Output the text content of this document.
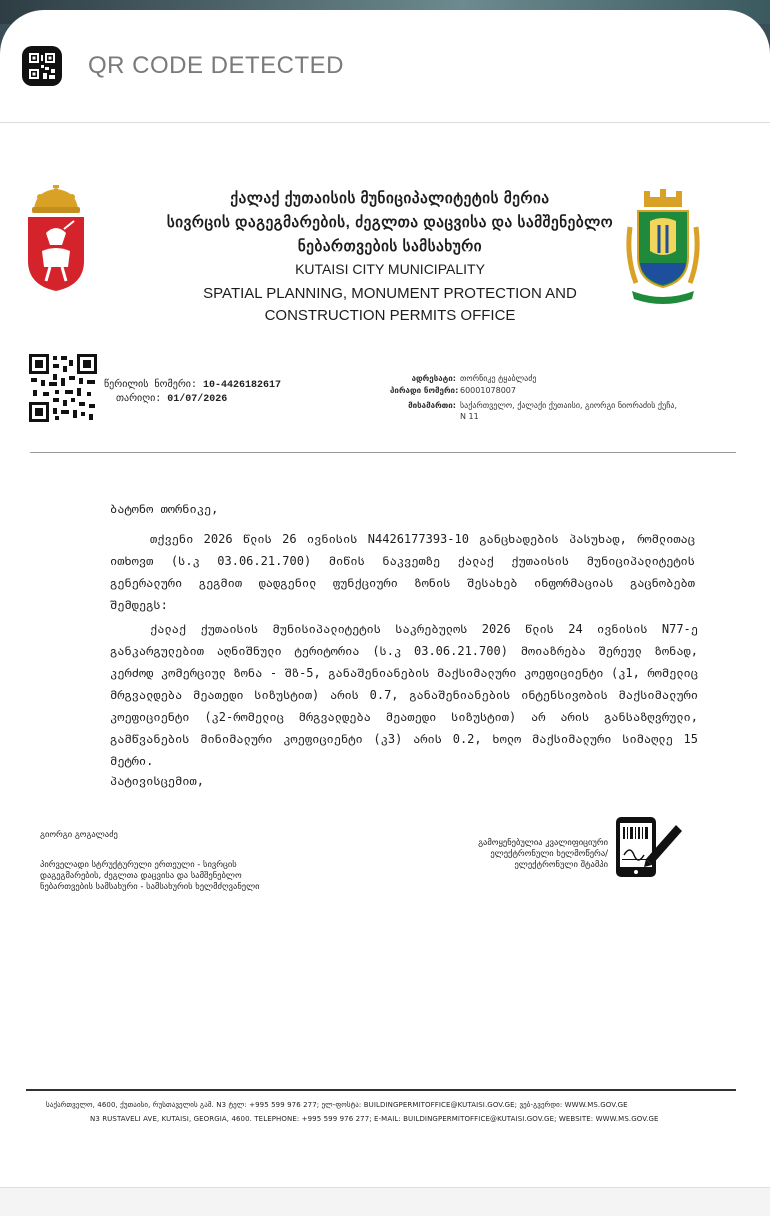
QR CODE DETECTED
ქალაქ ქუთაისის მუნიციპალიტეტის მერია
სივრცის დაგეგმარების, ძეგლთა დაცვისა და სამშენებლო
ნებართვების სამსახური
KUTAISI CITY MUNICIPALITY
SPATIAL PLANNING, MONUMENT PROTECTION AND
CONSTRUCTION PERMITS OFFICE
წერილის ნომერი: 10-4426182617
თარიღი: 01/07/2026
ადრესატი: თორნიკე ტყაბლაძე
პირადი ნომერი: 60001078007
მისამართი: საქართველო, ქალაქი ქუთაისი, გიორგი ნიორაძის ქუჩა,
N 11
ბატონო თორნიკე,
თქვენი 2026 წლის 26 ივნისის N4426177393-10 განცხადების პასუხად, რომლითაც ითხოვთ (ს.კ 03.06.21.700) მიწის ნაკვეთზე ქალაქ ქუთაისის მუნიციპალიტეტის გენერალური გეგმით დადგენილ ფუნქციური ზონის შესახებ ინფორმაციას გაცნობებთ შემდეგს:
ქალაქ ქუთაისის მუნისიპალიტეტის საკრებულოს 2026 წლის 24 ივნისის N77-ე განკარგულებით აღნიშნული ტერიტორია (ს.კ 03.06.21.700) მოიაზრება შერეულ ზონად, კერძოდ კომერციულ ზონა - შზ-5, განაშენიანების მაქსიმალური კოეფიციენტი (კ1, რომელიც მრგვალდება მეათედი სიზუსტით) არის 0.7, განაშენიანების ინტენსივობის მაქსიმალური კოეფიციენტი (კ2-რომელიც მრგვალდება მეათედი სიზუსტით) არ არის განსაზღვრული, გამწვანების მინიმალური კოეფიციენტი (კ3) არის 0.2, ხოლო მაქსიმალური სიმაღლე 15 მეტრი.
პატივისცემით,
გიორგი გოგალაძე
პირველადი სტრუქტურული ერთეული - სივრცის
დაგეგმარების, ძეგლთა დაცვისა და სამშენებლო
ნებართვების სამსახური - სამსახურის ხელმძღვანელი
გამოყენებულია კვალიფიციური
ელექტრონული ხელმოწერა/
ელექტრონული შტამპი
საქართველო, 4600, ქუთაისი, რუსთაველის გამ. N3 ტელ: +995 599 976 277; ელ-ფოსტა: BUILDINGPERMITOFFICE@KUTAISI.GOV.GE; ვებ-გვერდი: WWW.MS.GOV.GE
N3 RUSTAVELI AVE, KUTAISI, GEORGIA, 4600. TELEPHONE: +995 599 976 277; E-MAIL: BUILDINGPERMITOFFICE@KUTAISI.GOV.GE; WEBSITE: WWW.MS.GOV.GE
